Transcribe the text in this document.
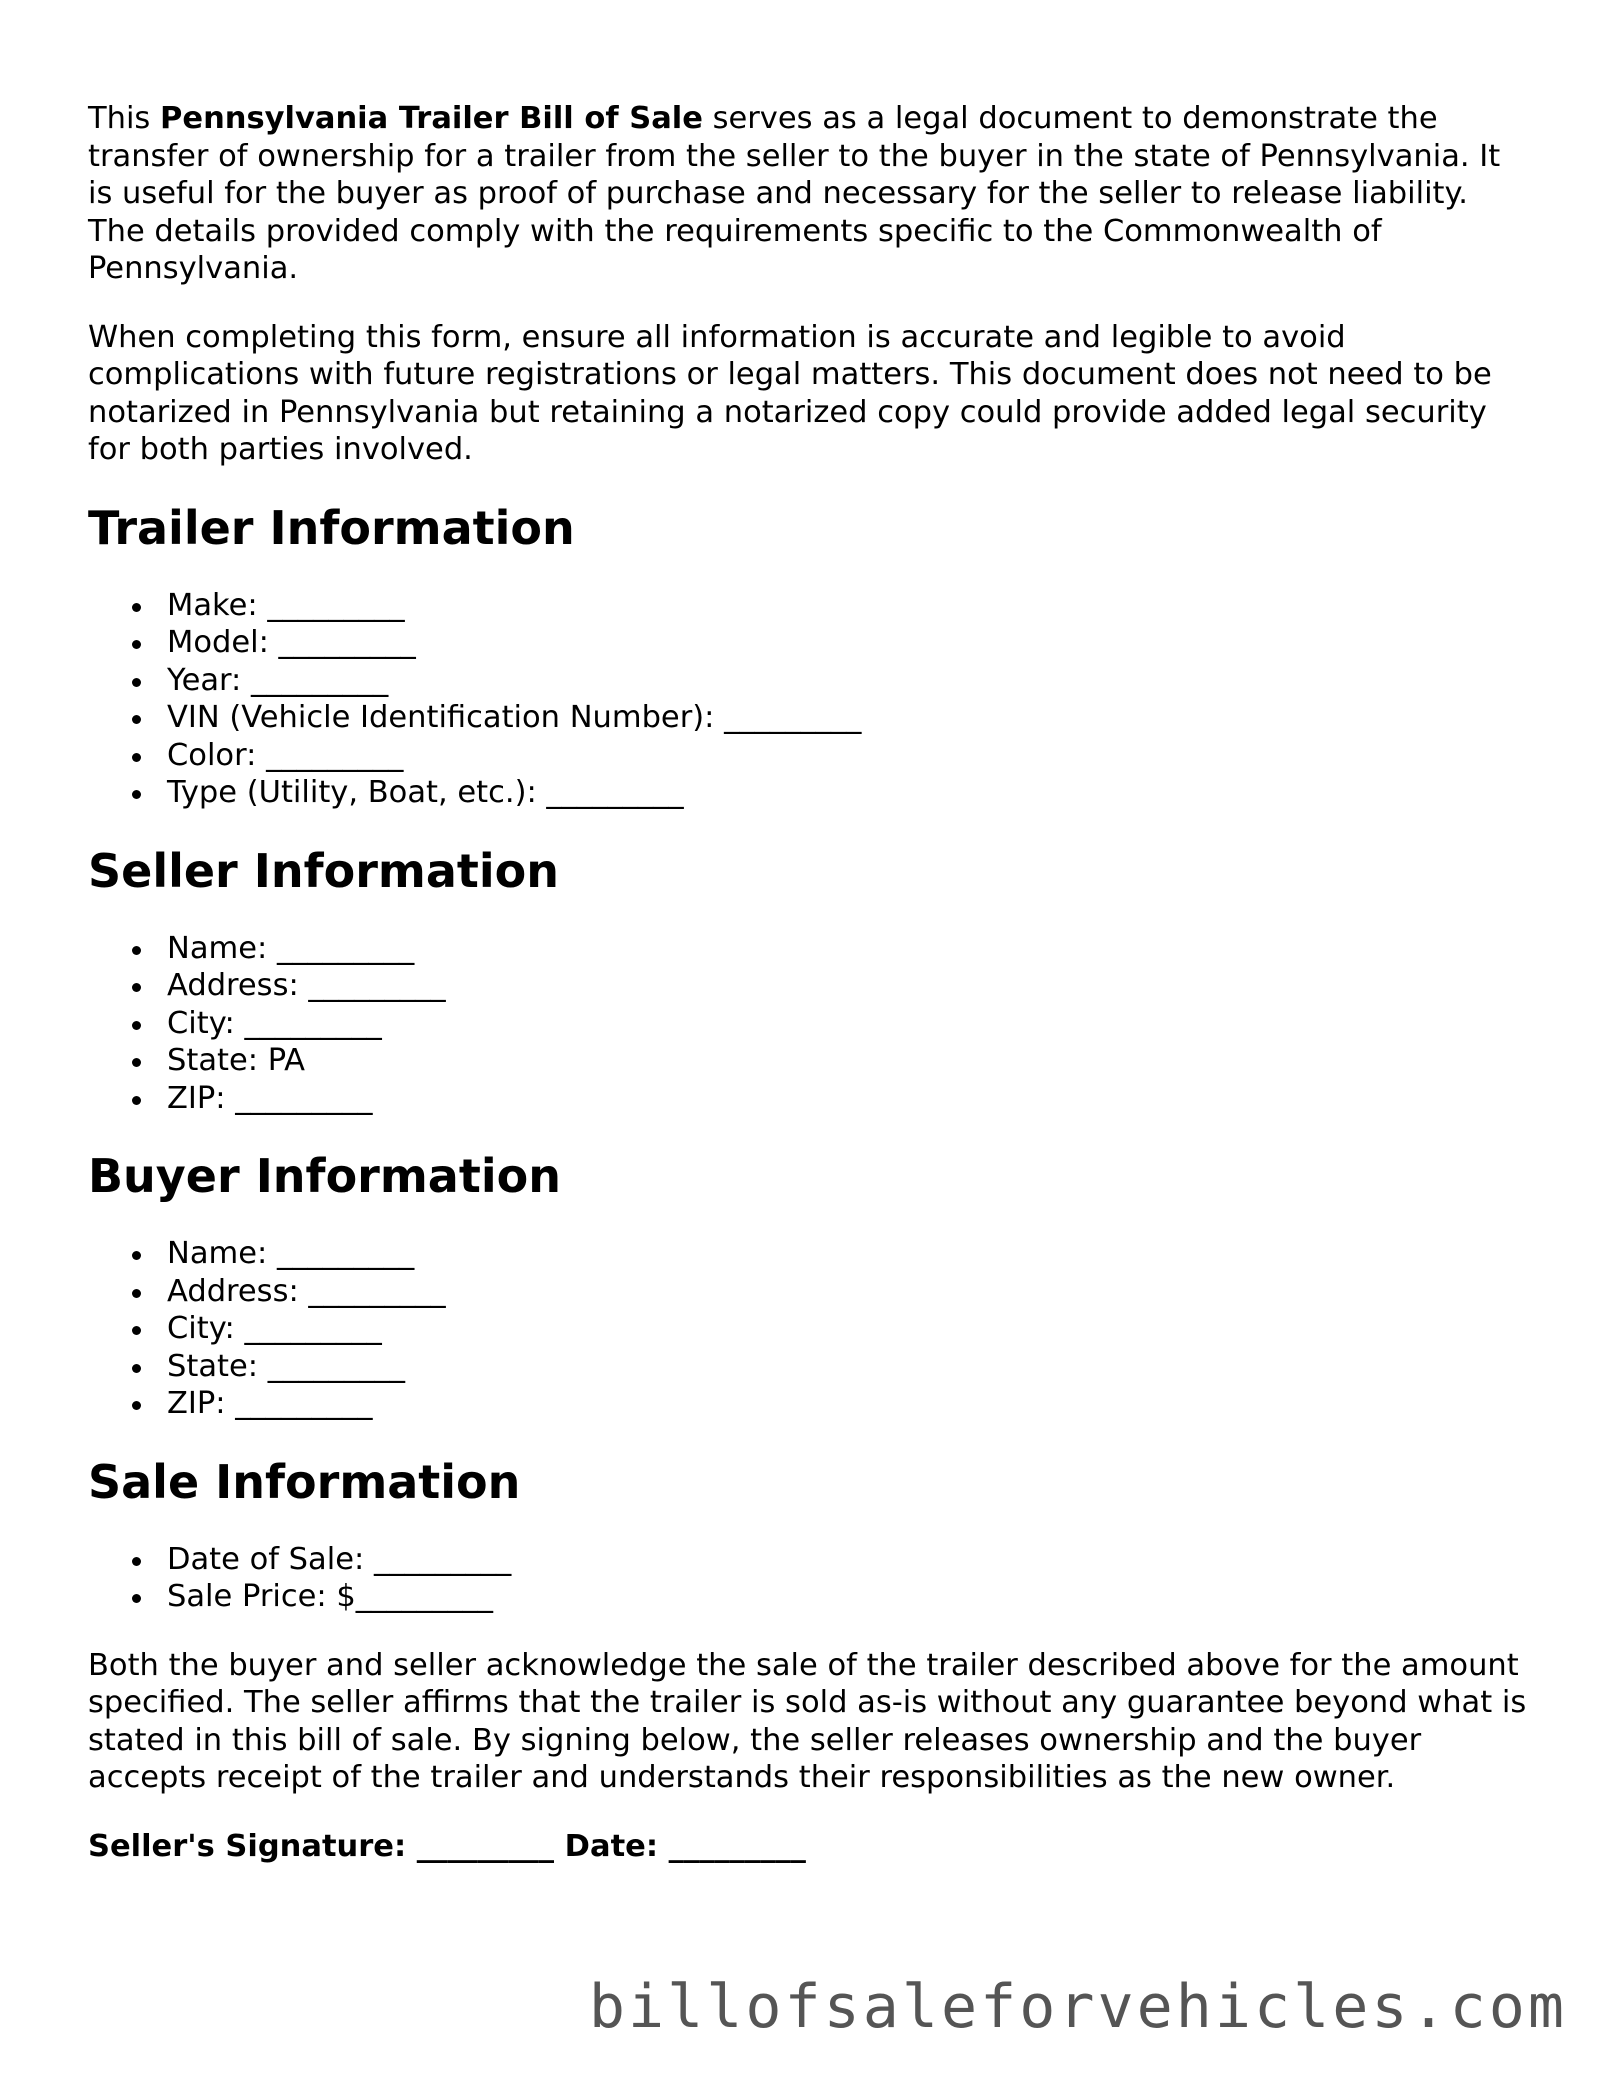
This Pennsylvania Trailer Bill of Sale serves as a legal document to demonstrate the transfer of ownership for a trailer from the seller to the buyer in the state of Pennsylvania. It is useful for the buyer as proof of purchase and necessary for the seller to release liability. The details provided comply with the requirements specific to the Commonwealth of Pennsylvania.

When completing this form, ensure all information is accurate and legible to avoid complications with future registrations or legal matters. This document does not need to be notarized in Pennsylvania but retaining a notarized copy could provide added legal security for both parties involved.

Trailer Information
Make: _________
Model: _________
Year: _________
VIN (Vehicle Identification Number): _________
Color: _________
Type (Utility, Boat, etc.): _________
Seller Information
Name: _________
Address: _________
City: _________
State: PA
ZIP: _________
Buyer Information
Name: _________
Address: _________
City: _________
State: _________
ZIP: _________
Sale Information
Date of Sale: _________
Sale Price: $_________

Both the buyer and seller acknowledge the sale of the trailer described above for the amount specified. The seller affirms that the trailer is sold as-is without any guarantee beyond what is stated in this bill of sale. By signing below, the seller releases ownership and the buyer accepts receipt of the trailer and understands their responsibilities as the new owner.

Seller's Signature: _________ Date: _________

billofsaleforvehicles.com
